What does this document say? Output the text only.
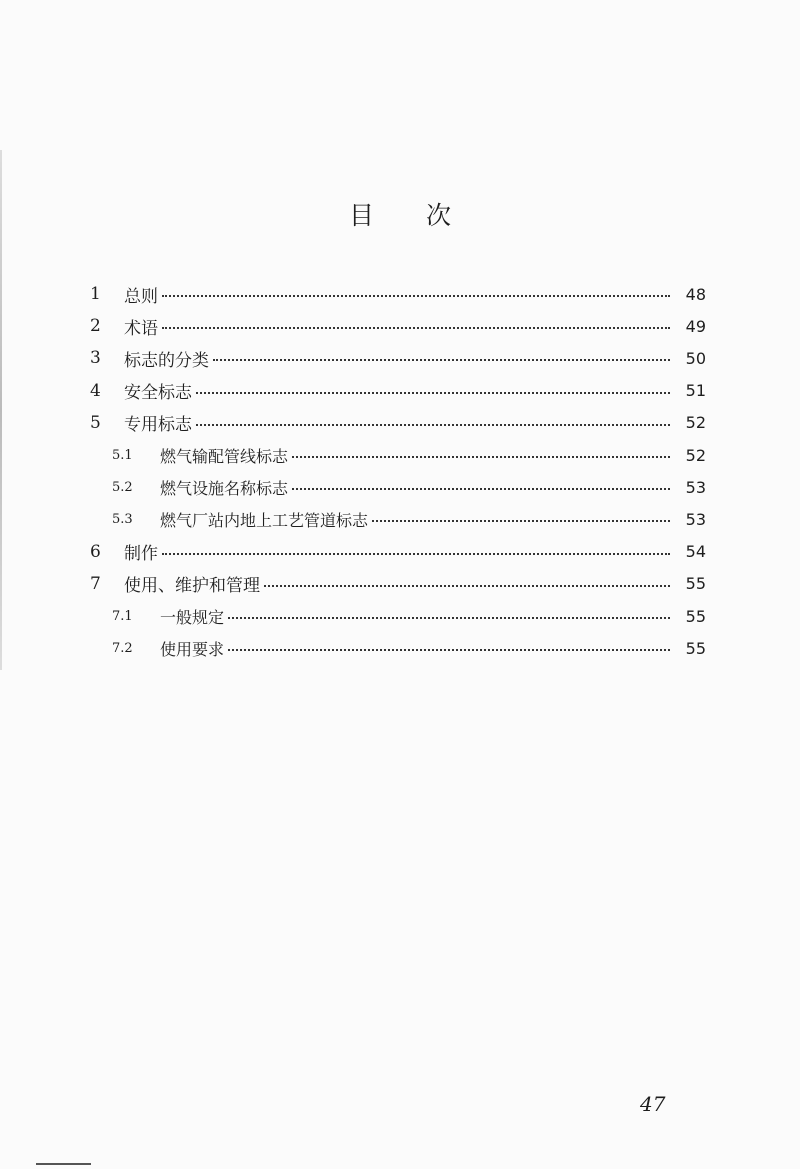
目次
1	总则	48
2	术语	49
3	标志的分类	50
4	安全标志	51
5	专用标志	52
5.1	燃气输配管线标志	52
5.2	燃气设施名称标志	53
5.3	燃气厂站内地上工艺管道标志	53
6	制作	54
7	使用、维护和管理	55
7.1	一般规定	55
7.2	使用要求	55
47
